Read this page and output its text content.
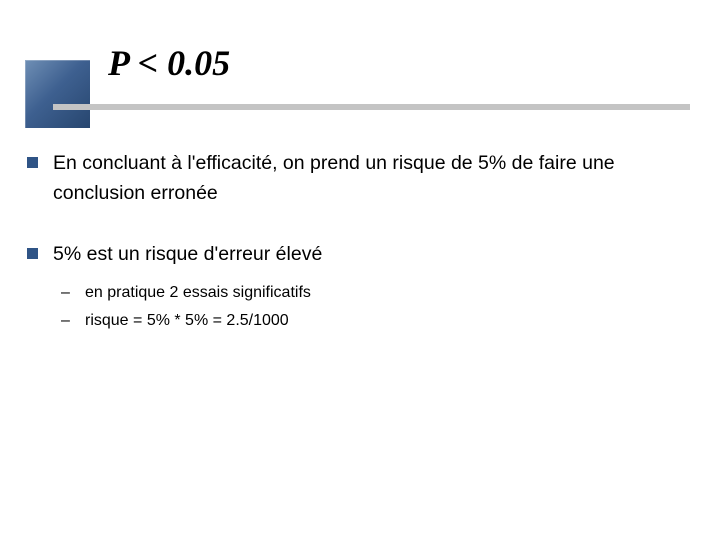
P < 0.05
En concluant à l'efficacité, on prend un risque de 5% de faire une conclusion erronée
5% est un risque d'erreur élevé
– en pratique 2 essais significatifs
– risque = 5% * 5% = 2.5/1000
